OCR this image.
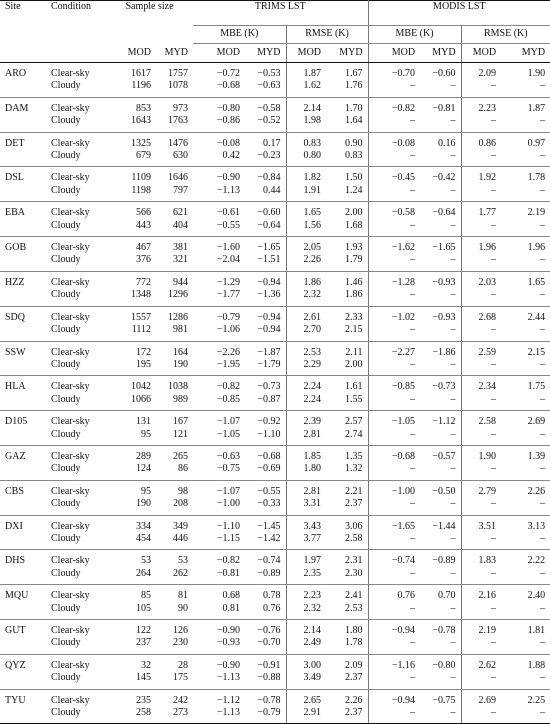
Site	Condition	Sample size		TRIMS LST				MODIS LST			
				MBE (K)		RMSE (K)		MBE (K)		RMSE (K)	
		MOD	MYD	MOD	MYD	MOD	MYD	MOD	MYD	MOD	MYD
ARO	Clear-sky	1617	1757	−0.72	−0.53	1.87	1.67	−0.70	−0.60	2.09	1.90
	Cloudy	1196	1078	−0.68	−0.63	1.62	1.76	–	–	–	–
DAM	Clear-sky	853	973	−0.80	−0.58	2.14	1.70	−0.82	−0.81	2.23	1.87
	Cloudy	1643	1763	−0.86	−0.52	1.98	1.64	–	–	–	–
DET	Clear-sky	1325	1476	−0.08	0.17	0.83	0.90	−0.08	0.16	0.86	0.97
	Cloudy	679	630	0.42	−0.23	0.80	0.83	–	–	–	–
DSL	Clear-sky	1109	1646	−0.90	−0.84	1.82	1.50	−0.45	−0.42	1.92	1.78
	Cloudy	1198	797	−1.13	0.44	1.91	1.24	–	–	–	–
EBA	Clear-sky	566	621	−0.61	−0.60	1.65	2.00	−0.58	−0.64	1.77	2.19
	Cloudy	443	404	−0.55	−0.64	1.56	1.68	–	–	–	–
GOB	Clear-sky	467	381	−1.60	−1.65	2.05	1.93	−1.62	−1.65	1.96	1.96
	Cloudy	376	321	−2.04	−1.51	2.26	1.79	–	–	–	–
HZZ	Clear-sky	772	944	−1.29	−0.94	1.86	1.46	−1.28	−0.93	2.03	1.65
	Cloudy	1348	1296	−1.77	−1.36	2.32	1.86	–	–	–	–
SDQ	Clear-sky	1557	1286	−0.79	−0.94	2.61	2.33	−1.02	−0.93	2.68	2.44
	Cloudy	1112	981	−1.06	−0.94	2.70	2.15	–	–	–	–
SSW	Clear-sky	172	164	−2.26	−1.87	2.53	2.11	−2.27	−1.86	2.59	2.15
	Cloudy	195	190	−1.95	−1.79	2.29	2.00	–	–	–	–
HLA	Clear-sky	1042	1038	−0.82	−0.73	2.24	1.61	−0.85	−0.73	2.34	1.75
	Cloudy	1066	989	−0.85	−0.87	2.24	1.55	–	–	–	–
D105	Clear-sky	131	167	−1.07	−0.92	2.39	2.57	−1.05	−1.12	2.58	2.69
	Cloudy	95	121	−1.05	−1.10	2.81	2.74	–	–	–	–
GAZ	Clear-sky	289	265	−0.63	−0.68	1.85	1.35	−0.68	−0.57	1.90	1.39
	Cloudy	124	86	−0.75	−0.69	1.80	1.32	–	–	–	–
CBS	Clear-sky	95	98	−1.07	−0.55	2.81	2.21	−1.00	−0.50	2.79	2.26
	Cloudy	190	208	−1.00	−0.33	3.31	2.37	–	–	–	–
DXI	Clear-sky	334	349	−1.10	−1.45	3.43	3.06	−1.65	−1.44	3.51	3.13
	Cloudy	454	446	−1.15	−1.42	3.77	2.58	–	–	–	–
DHS	Clear-sky	53	53	−0.82	−0.74	1.97	2.31	−0.74	−0.89	1.83	2.22
	Cloudy	264	262	−0.81	−0.89	2.35	2.30	–	–	–	–
MQU	Clear-sky	85	81	0.68	0.78	2.23	2.41	0.76	0.70	2.16	2.40
	Cloudy	105	90	0.81	0.76	2.32	2.53	–	–	–	–
GUT	Clear-sky	122	126	−0.90	−0.76	2.14	1.80	−0.94	−0.78	2.19	1.81
	Cloudy	237	230	−0.93	−0.70	2.49	1.78	–	–	–	–
QYZ	Clear-sky	32	28	−0.90	−0.91	3.00	2.09	−1.16	−0.80	2.62	1.88
	Cloudy	145	175	−1.13	−0.88	3.49	2.37	–	–	–	–
TYU	Clear-sky	235	242	−1.12	−0.78	2.65	2.26	−0.94	−0.75	2.69	2.25
	Cloudy	258	273	−1.13	−0.79	2.91	2.37	–	–	–	–
